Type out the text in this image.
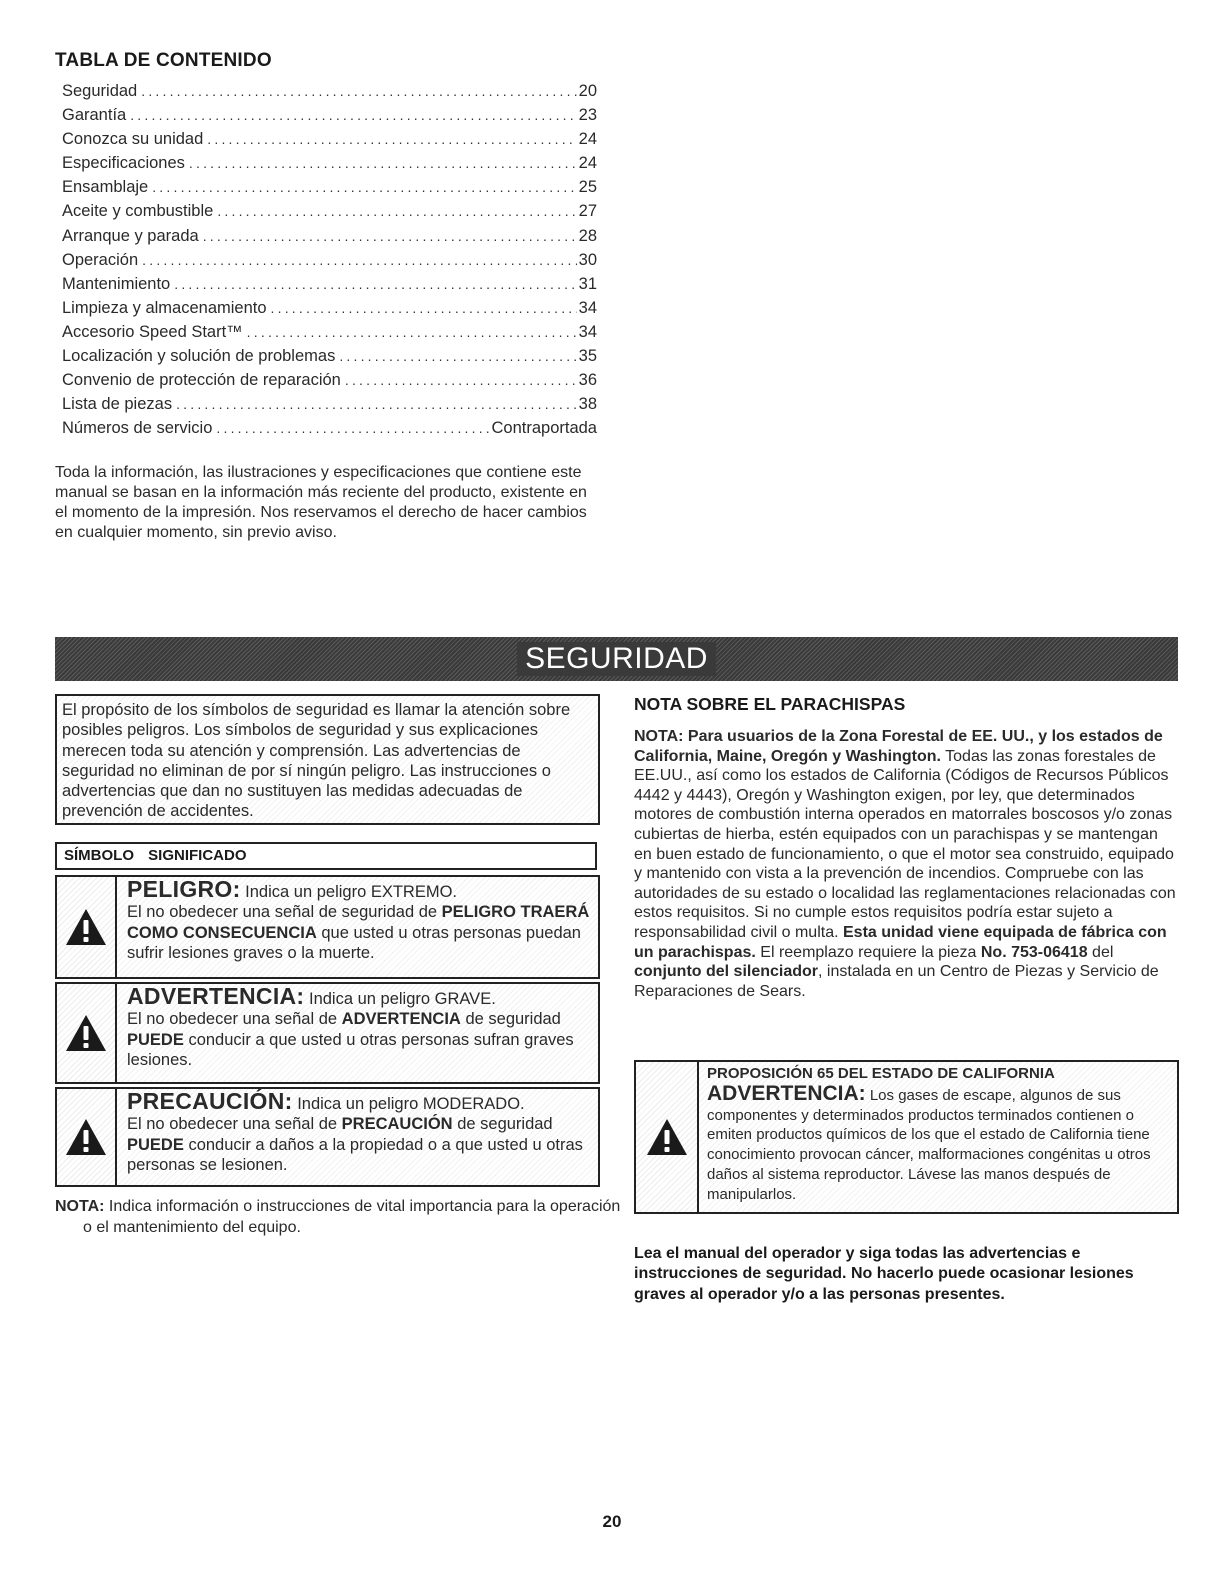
TABLA DE CONTENIDO
Seguridad .....	20
Garantía .....	23
Conozca su unidad .....	24
Especificaciones .....	24
Ensamblaje .....	25
Aceite y combustible .....	27
Arranque y parada .....	28
Operación .....	30
Mantenimiento .....	31
Limpieza y almacenamiento .....	34
Accesorio Speed Start™ .....	34
Localización y solución de problemas .....	35
Convenio de protección de reparación .....	36
Lista de piezas .....	38
Números de servicio .....	Contraportada
Toda la información, las ilustraciones y especificaciones que contiene este manual se basan en la información más reciente del producto, existente en el momento de la impresión. Nos reservamos el derecho de hacer cambios en cualquier momento, sin previo aviso.
SEGURIDAD
El propósito de los símbolos de seguridad es llamar la atención sobre posibles peligros. Los símbolos de seguridad y sus explicaciones merecen toda su atención y comprensión. Las advertencias de seguridad no eliminan de por sí ningún peligro. Las instrucciones o advertencias que dan no sustituyen las medidas adecuadas de prevención de accidentes.
SÍMBOLO SIGNIFICADO
PELIGRO: Indica un peligro EXTREMO.
El no obedecer una señal de seguridad de PELIGRO TRAERÁ COMO CONSECUENCIA que usted u otras personas puedan sufrir lesiones graves o la muerte.
ADVERTENCIA: Indica un peligro GRAVE.
El no obedecer una señal de ADVERTENCIA de seguridad PUEDE conducir a que usted u otras personas sufran graves lesiones.
PRECAUCIÓN: Indica un peligro MODERADO.
El no obedecer una señal de PRECAUCIÓN de seguridad PUEDE conducir a daños a la propiedad o a que usted u otras personas se lesionen.
NOTA: Indica información o instrucciones de vital importancia para la operación o el mantenimiento del equipo.
NOTA SOBRE EL PARACHISPAS
NOTA: Para usuarios de la Zona Forestal de EE. UU., y los estados de California, Maine, Oregón y Washington. Todas las zonas forestales de EE.UU., así como los estados de California (Códigos de Recursos Públicos 4442 y 4443), Oregón y Washington exigen, por ley, que determinados motores de combustión interna operados en matorrales boscosos y/o zonas cubiertas de hierba, estén equipados con un parachispas y se mantengan en buen estado de funcionamiento, o que el motor sea construido, equipado y mantenido con vista a la prevención de incendios. Compruebe con las autoridades de su estado o localidad las reglamentaciones relacionadas con estos requisitos. Si no cumple estos requisitos podría estar sujeto a responsabilidad civil o multa. Esta unidad viene equipada de fábrica con un parachispas. El reemplazo requiere la pieza No. 753-06418 del conjunto del silenciador, instalada en un Centro de Piezas y Servicio de Reparaciones de Sears.
PROPOSICIÓN 65 DEL ESTADO DE CALIFORNIA
ADVERTENCIA: Los gases de escape, algunos de sus componentes y determinados productos terminados contienen o emiten productos químicos de los que el estado de California tiene conocimiento provocan cáncer, malformaciones congénitas u otros daños al sistema reproductor. Lávese las manos después de manipularlos.
Lea el manual del operador y siga todas las advertencias e instrucciones de seguridad. No hacerlo puede ocasionar lesiones graves al operador y/o a las personas presentes.
20
